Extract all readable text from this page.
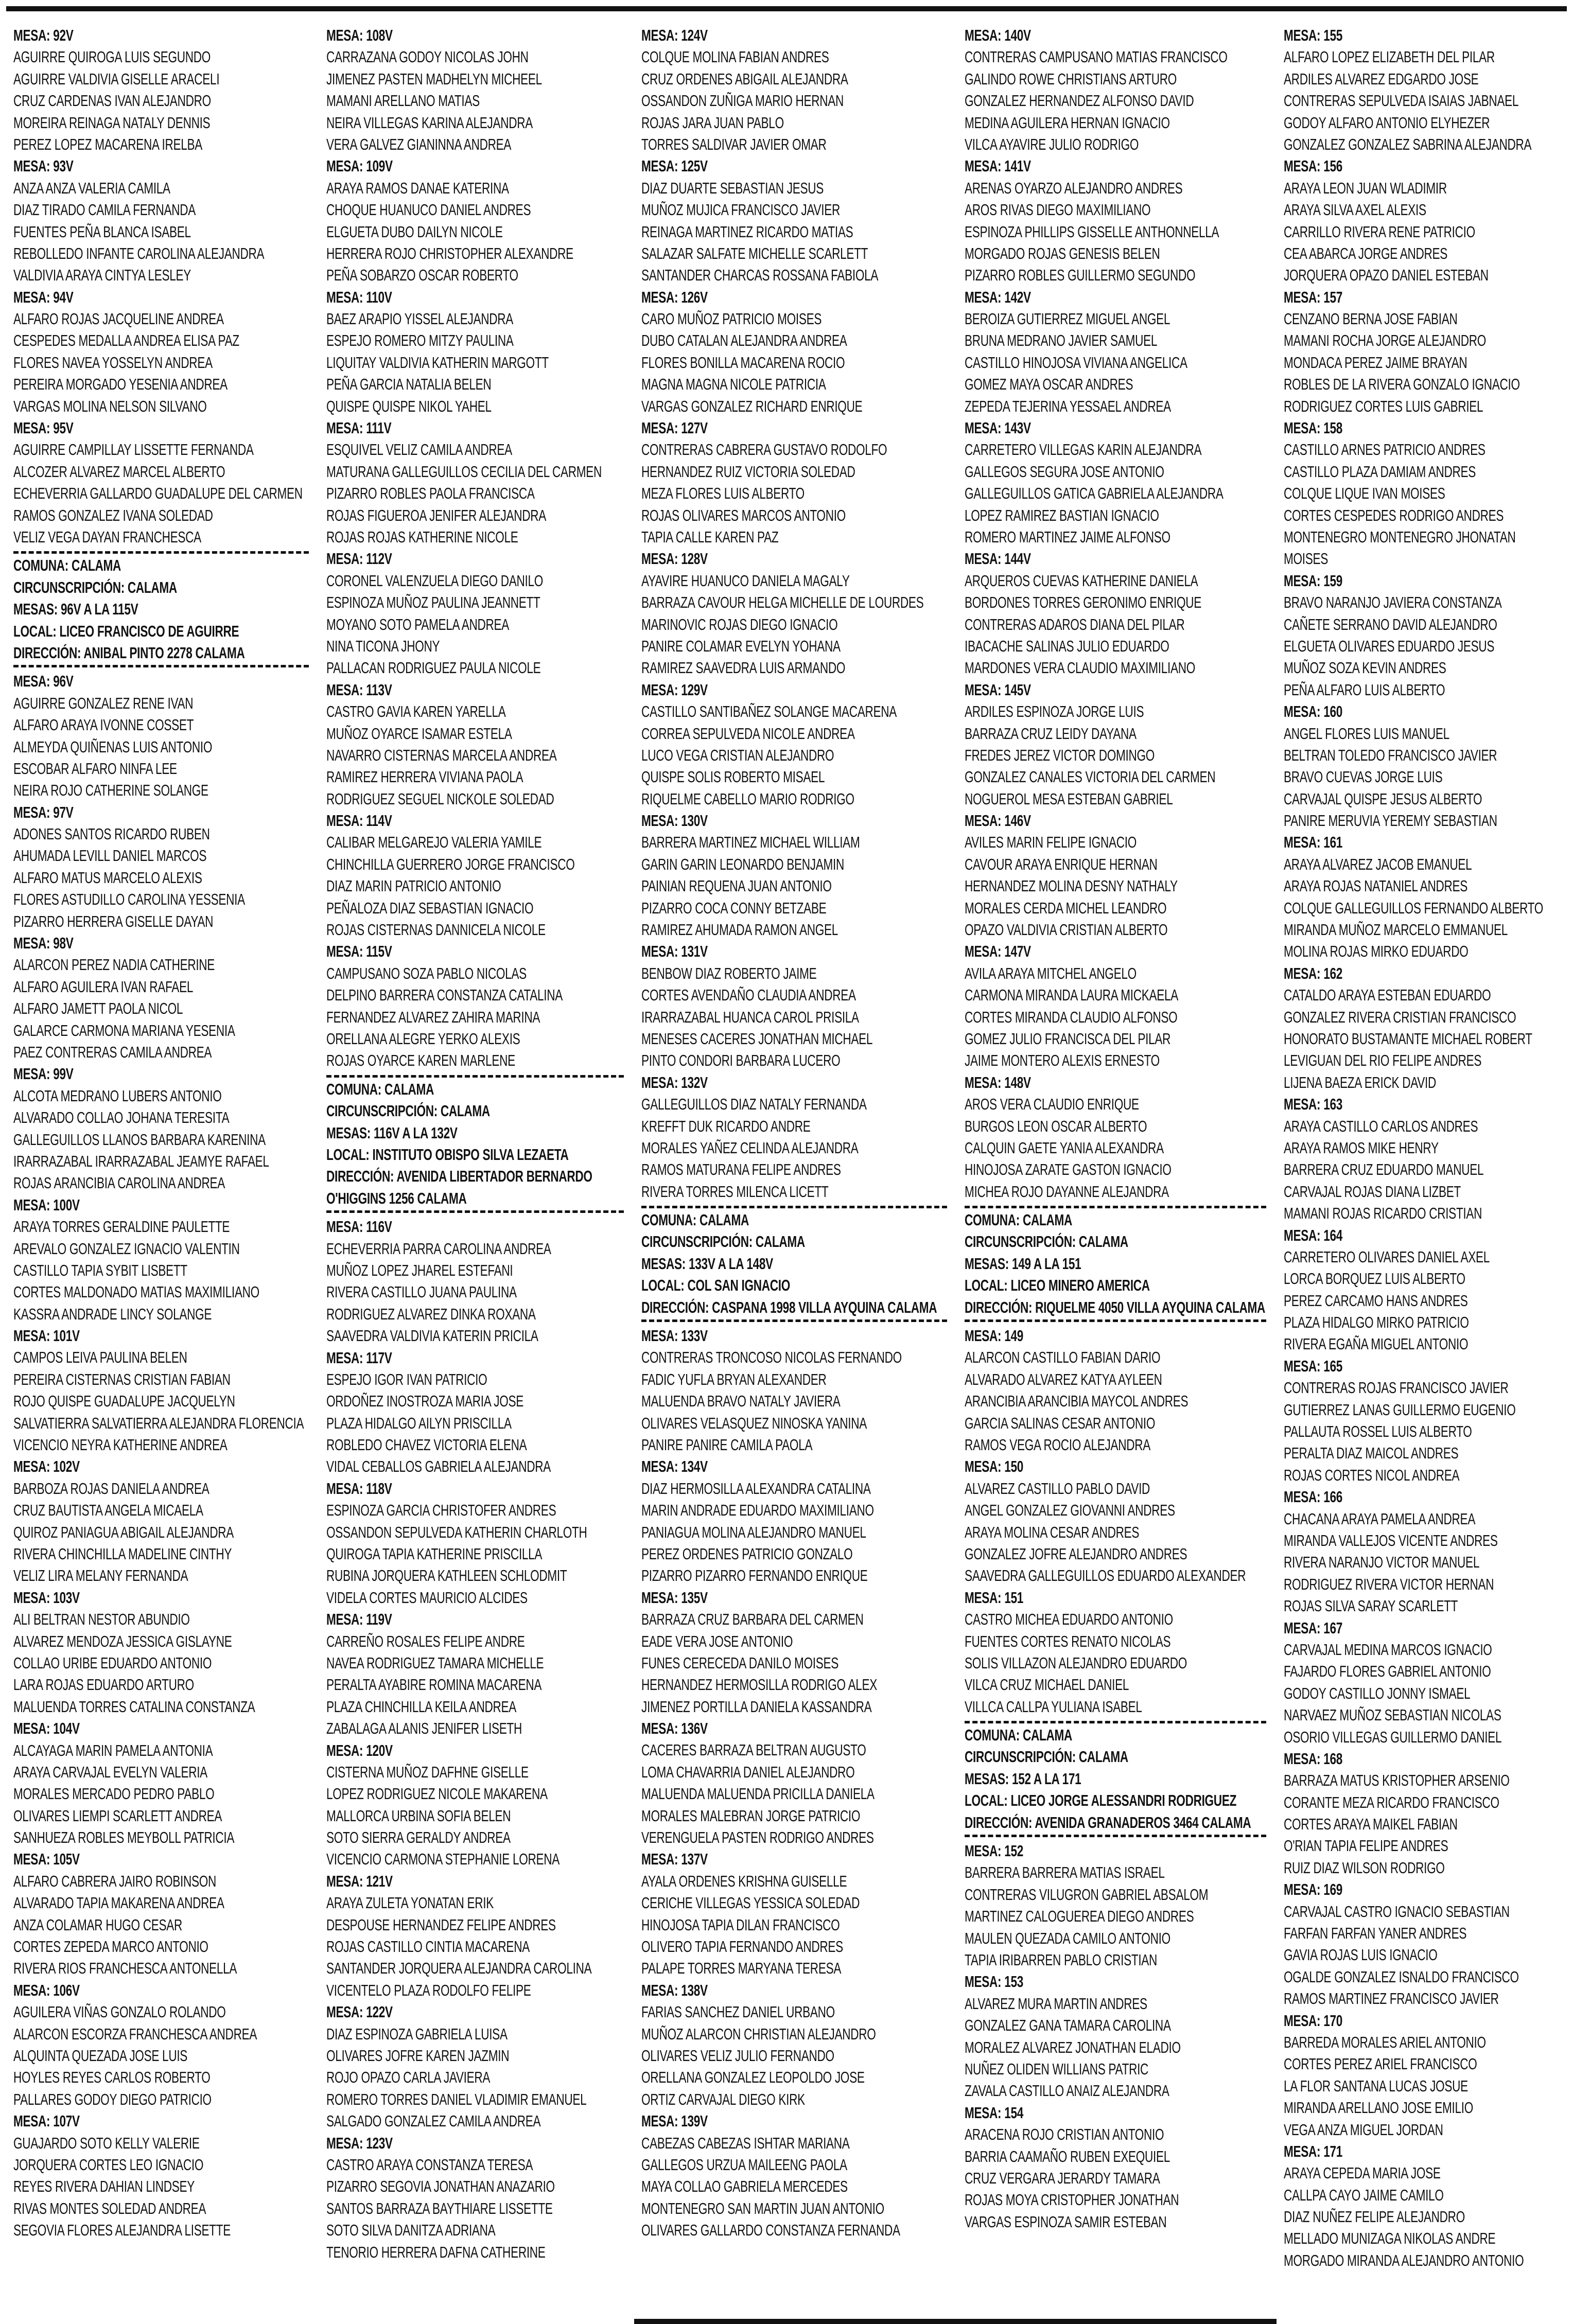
MESA: 92V
AGUIRRE QUIROGA LUIS SEGUNDO
AGUIRRE VALDIVIA GISELLE ARACELI
CRUZ CARDENAS IVAN ALEJANDRO
MOREIRA REINAGA NATALY DENNIS
PEREZ LOPEZ MACARENA IRELBA
MESA: 93V
ANZA ANZA VALERIA CAMILA
DIAZ TIRADO CAMILA FERNANDA
FUENTES PEÑA BLANCA ISABEL
REBOLLEDO INFANTE CAROLINA ALEJANDRA
VALDIVIA ARAYA CINTYA LESLEY
MESA: 94V
ALFARO ROJAS JACQUELINE ANDREA
CESPEDES MEDALLA ANDREA ELISA PAZ
FLORES NAVEA YOSSELYN ANDREA
PEREIRA MORGADO YESENIA ANDREA
VARGAS MOLINA NELSON SILVANO
MESA: 95V
AGUIRRE CAMPILLAY LISSETTE FERNANDA
ALCOZER ALVAREZ MARCEL ALBERTO
ECHEVERRIA GALLARDO GUADALUPE DEL CARMEN
RAMOS GONZALEZ IVANA SOLEDAD
VELIZ VEGA DAYAN FRANCHESCA
COMUNA: CALAMA
CIRCUNSCRIPCIÓN: CALAMA
MESAS: 96V A LA 115V
LOCAL: LICEO FRANCISCO DE AGUIRRE
DIRECCIÓN: ANIBAL PINTO 2278 CALAMA
MESA: 96V
AGUIRRE GONZALEZ RENE IVAN
ALFARO ARAYA IVONNE COSSET
ALMEYDA QUIÑENAS LUIS ANTONIO
ESCOBAR ALFARO NINFA LEE
NEIRA ROJO CATHERINE SOLANGE
MESA: 97V
ADONES SANTOS RICARDO RUBEN
AHUMADA LEVILL DANIEL MARCOS
ALFARO MATUS MARCELO ALEXIS
FLORES ASTUDILLO CAROLINA YESSENIA
PIZARRO HERRERA GISELLE DAYAN
MESA: 98V
ALARCON PEREZ NADIA CATHERINE
ALFARO AGUILERA IVAN RAFAEL
ALFARO JAMETT PAOLA NICOL
GALARCE CARMONA MARIANA YESENIA
PAEZ CONTRERAS CAMILA ANDREA
MESA: 99V
ALCOTA MEDRANO LUBERS ANTONIO
ALVARADO COLLAO JOHANA TERESITA
GALLEGUILLOS LLANOS BARBARA KARENINA
IRARRAZABAL IRARRAZABAL JEAMYE RAFAEL
ROJAS ARANCIBIA CAROLINA ANDREA
MESA: 100V
ARAYA TORRES GERALDINE PAULETTE
AREVALO GONZALEZ IGNACIO VALENTIN
CASTILLO TAPIA SYBIT LISBETT
CORTES MALDONADO MATIAS MAXIMILIANO
KASSRA ANDRADE LINCY SOLANGE
MESA: 101V
CAMPOS LEIVA PAULINA BELEN
PEREIRA CISTERNAS CRISTIAN FABIAN
ROJO QUISPE GUADALUPE JACQUELYN
SALVATIERRA SALVATIERRA ALEJANDRA FLORENCIA
VICENCIO NEYRA KATHERINE ANDREA
MESA: 102V
BARBOZA ROJAS DANIELA ANDREA
CRUZ BAUTISTA ANGELA MICAELA
QUIROZ PANIAGUA ABIGAIL ALEJANDRA
RIVERA CHINCHILLA MADELINE CINTHY
VELIZ LIRA MELANY FERNANDA
MESA: 103V
ALI BELTRAN NESTOR ABUNDIO
ALVAREZ MENDOZA JESSICA GISLAYNE
COLLAO URIBE EDUARDO ANTONIO
LARA ROJAS EDUARDO ARTURO
MALUENDA TORRES CATALINA CONSTANZA
MESA: 104V
ALCAYAGA MARIN PAMELA ANTONIA
ARAYA CARVAJAL EVELYN VALERIA
MORALES MERCADO PEDRO PABLO
OLIVARES LIEMPI SCARLETT ANDREA
SANHUEZA ROBLES MEYBOLL PATRICIA
MESA: 105V
ALFARO CABRERA JAIRO ROBINSON
ALVARADO TAPIA MAKARENA ANDREA
ANZA COLAMAR HUGO CESAR
CORTES ZEPEDA MARCO ANTONIO
RIVERA RIOS FRANCHESCA ANTONELLA
MESA: 106V
AGUILERA VIÑAS GONZALO ROLANDO
ALARCON ESCORZA FRANCHESCA ANDREA
ALQUINTA QUEZADA JOSE LUIS
HOYLES REYES CARLOS ROBERTO
PALLARES GODOY DIEGO PATRICIO
MESA: 107V
GUAJARDO SOTO KELLY VALERIE
JORQUERA CORTES LEO IGNACIO
REYES RIVERA DAHIAN LINDSEY
RIVAS MONTES SOLEDAD ANDREA
SEGOVIA FLORES ALEJANDRA LISETTE
MESA: 108V
CARRAZANA GODOY NICOLAS JOHN
JIMENEZ PASTEN MADHELYN MICHEEL
MAMANI ARELLANO MATIAS
NEIRA VILLEGAS KARINA ALEJANDRA
VERA GALVEZ GIANINNA ANDREA
MESA: 109V
ARAYA RAMOS DANAE KATERINA
CHOQUE HUANUCO DANIEL ANDRES
ELGUETA DUBO DAILYN NICOLE
HERRERA ROJO CHRISTOPHER ALEXANDRE
PEÑA SOBARZO OSCAR ROBERTO
MESA: 110V
BAEZ ARAPIO YISSEL ALEJANDRA
ESPEJO ROMERO MITZY PAULINA
LIQUITAY VALDIVIA KATHERIN MARGOTT
PEÑA GARCIA NATALIA BELEN
QUISPE QUISPE NIKOL YAHEL
MESA: 111V
ESQUIVEL VELIZ CAMILA ANDREA
MATURANA GALLEGUILLOS CECILIA DEL CARMEN
PIZARRO ROBLES PAOLA FRANCISCA
ROJAS FIGUEROA JENIFER ALEJANDRA
ROJAS ROJAS KATHERINE NICOLE
MESA: 112V
CORONEL VALENZUELA DIEGO DANILO
ESPINOZA MUÑOZ PAULINA JEANNETT
MOYANO SOTO PAMELA ANDREA
NINA TICONA JHONY
PALLACAN RODRIGUEZ PAULA NICOLE
MESA: 113V
CASTRO GAVIA KAREN YARELLA
MUÑOZ OYARCE ISAMAR ESTELA
NAVARRO CISTERNAS MARCELA ANDREA
RAMIREZ HERRERA VIVIANA PAOLA
RODRIGUEZ SEGUEL NICKOLE SOLEDAD
MESA: 114V
CALIBAR MELGAREJO VALERIA YAMILE
CHINCHILLA GUERRERO JORGE FRANCISCO
DIAZ MARIN PATRICIO ANTONIO
PEÑALOZA DIAZ SEBASTIAN IGNACIO
ROJAS CISTERNAS DANNICELA NICOLE
MESA: 115V
CAMPUSANO SOZA PABLO NICOLAS
DELPINO BARRERA CONSTANZA CATALINA
FERNANDEZ ALVAREZ ZAHIRA MARINA
ORELLANA ALEGRE YERKO ALEXIS
ROJAS OYARCE KAREN MARLENE
COMUNA: CALAMA
CIRCUNSCRIPCIÓN: CALAMA
MESAS: 116V A LA 132V
LOCAL: INSTITUTO OBISPO SILVA LEZAETA
DIRECCIÓN: AVENIDA LIBERTADOR BERNARDO O'HIGGINS 1256 CALAMA
MESA: 116V
ECHEVERRIA PARRA CAROLINA ANDREA
MUÑOZ LOPEZ JHAREL ESTEFANI
RIVERA CASTILLO JUANA PAULINA
RODRIGUEZ ALVAREZ DINKA ROXANA
SAAVEDRA VALDIVIA KATERIN PRICILA
MESA: 117V
ESPEJO IGOR IVAN PATRICIO
ORDOÑEZ INOSTROZA MARIA JOSE
PLAZA HIDALGO AILYN PRISCILLA
ROBLEDO CHAVEZ VICTORIA ELENA
VIDAL CEBALLOS GABRIELA ALEJANDRA
MESA: 118V
ESPINOZA GARCIA CHRISTOFER ANDRES
OSSANDON SEPULVEDA KATHERIN CHARLOTH
QUIROGA TAPIA KATHERINE PRISCILLA
RUBINA JORQUERA KATHLEEN SCHLODMIT
VIDELA CORTES MAURICIO ALCIDES
MESA: 119V
CARREÑO ROSALES FELIPE ANDRE
NAVEA RODRIGUEZ TAMARA MICHELLE
PERALTA AYABIRE ROMINA MACARENA
PLAZA CHINCHILLA KEILA ANDREA
ZABALAGA ALANIS JENIFER LISETH
MESA: 120V
CISTERNA MUÑOZ DAFHNE GISELLE
LOPEZ RODRIGUEZ NICOLE MAKARENA
MALLORCA URBINA SOFIA BELEN
SOTO SIERRA GERALDY ANDREA
VICENCIO CARMONA STEPHANIE LORENA
MESA: 121V
ARAYA ZULETA YONATAN ERIK
DESPOUSE HERNANDEZ FELIPE ANDRES
ROJAS CASTILLO CINTIA MACARENA
SANTANDER JORQUERA ALEJANDRA CAROLINA
VICENTELO PLAZA RODOLFO FELIPE
MESA: 122V
DIAZ ESPINOZA GABRIELA LUISA
OLIVARES JOFRE KAREN JAZMIN
ROJO OPAZO CARLA JAVIERA
ROMERO TORRES DANIEL VLADIMIR EMANUEL
SALGADO GONZALEZ CAMILA ANDREA
MESA: 123V
CASTRO ARAYA CONSTANZA TERESA
PIZARRO SEGOVIA JONATHAN ANAZARIO
SANTOS BARRAZA BAYTHIARE LISSETTE
SOTO SILVA DANITZA ADRIANA
TENORIO HERRERA DAFNA CATHERINE
MESA: 124V
COLQUE MOLINA FABIAN ANDRES
CRUZ ORDENES ABIGAIL ALEJANDRA
OSSANDON ZUÑIGA MARIO HERNAN
ROJAS JARA JUAN PABLO
TORRES SALDIVAR JAVIER OMAR
MESA: 125V
DIAZ DUARTE SEBASTIAN JESUS
MUÑOZ MUJICA FRANCISCO JAVIER
REINAGA MARTINEZ RICARDO MATIAS
SALAZAR SALFATE MICHELLE SCARLETT
SANTANDER CHARCAS ROSSANA FABIOLA
MESA: 126V
CARO MUÑOZ PATRICIO MOISES
DUBO CATALAN ALEJANDRA ANDREA
FLORES BONILLA MACARENA ROCIO
MAGNA MAGNA NICOLE PATRICIA
VARGAS GONZALEZ RICHARD ENRIQUE
MESA: 127V
CONTRERAS CABRERA GUSTAVO RODOLFO
HERNANDEZ RUIZ VICTORIA SOLEDAD
MEZA FLORES LUIS ALBERTO
ROJAS OLIVARES MARCOS ANTONIO
TAPIA CALLE KAREN PAZ
MESA: 128V
AYAVIRE HUANUCO DANIELA MAGALY
BARRAZA CAVOUR HELGA MICHELLE DE LOURDES
MARINOVIC ROJAS DIEGO IGNACIO
PANIRE COLAMAR EVELYN YOHANA
RAMIREZ SAAVEDRA LUIS ARMANDO
MESA: 129V
CASTILLO SANTIBAÑEZ SOLANGE MACARENA
CORREA SEPULVEDA NICOLE ANDREA
LUCO VEGA CRISTIAN ALEJANDRO
QUISPE SOLIS ROBERTO MISAEL
RIQUELME CABELLO MARIO RODRIGO
MESA: 130V
BARRERA MARTINEZ MICHAEL WILLIAM
GARIN GARIN LEONARDO BENJAMIN
PAINIAN REQUENA JUAN ANTONIO
PIZARRO COCA CONNY BETZABE
RAMIREZ AHUMADA RAMON ANGEL
MESA: 131V
BENBOW DIAZ ROBERTO JAIME
CORTES AVENDAÑO CLAUDIA ANDREA
IRARRAZABAL HUANCA CAROL PRISILA
MENESES CACERES JONATHAN MICHAEL
PINTO CONDORI BARBARA LUCERO
MESA: 132V
GALLEGUILLOS DIAZ NATALY FERNANDA
KREFFT DUK RICARDO ANDRE
MORALES YAÑEZ CELINDA ALEJANDRA
RAMOS MATURANA FELIPE ANDRES
RIVERA TORRES MILENCA LICETT
COMUNA: CALAMA
CIRCUNSCRIPCIÓN: CALAMA
MESAS: 133V A LA 148V
LOCAL: COL SAN IGNACIO
DIRECCIÓN: CASPANA 1998 VILLA AYQUINA CALAMA
MESA: 133V
CONTRERAS TRONCOSO NICOLAS FERNANDO
FADIC YUFLA BRYAN ALEXANDER
MALUENDA BRAVO NATALY JAVIERA
OLIVARES VELASQUEZ NINOSKA YANINA
PANIRE PANIRE CAMILA PAOLA
MESA: 134V
DIAZ HERMOSILLA ALEXANDRA CATALINA
MARIN ANDRADE EDUARDO MAXIMILIANO
PANIAGUA MOLINA ALEJANDRO MANUEL
PEREZ ORDENES PATRICIO GONZALO
PIZARRO PIZARRO FERNANDO ENRIQUE
MESA: 135V
BARRAZA CRUZ BARBARA DEL CARMEN
EADE VERA JOSE ANTONIO
FUNES CERECEDA DANILO MOISES
HERNANDEZ HERMOSILLA RODRIGO ALEX
JIMENEZ PORTILLA DANIELA KASSANDRA
MESA: 136V
CACERES BARRAZA BELTRAN AUGUSTO
LOMA CHAVARRIA DANIEL ALEJANDRO
MALUENDA MALUENDA PRICILLA DANIELA
MORALES MALEBRAN JORGE PATRICIO
VERENGUELA PASTEN RODRIGO ANDRES
MESA: 137V
AYALA ORDENES KRISHNA GUISELLE
CERICHE VILLEGAS YESSICA SOLEDAD
HINOJOSA TAPIA DILAN FRANCISCO
OLIVERO TAPIA FERNANDO ANDRES
PALAPE TORRES MARYANA TERESA
MESA: 138V
FARIAS SANCHEZ DANIEL URBANO
MUÑOZ ALARCON CHRISTIAN ALEJANDRO
OLIVARES VELIZ JULIO FERNANDO
ORELLANA GONZALEZ LEOPOLDO JOSE
ORTIZ CARVAJAL DIEGO KIRK
MESA: 139V
CABEZAS CABEZAS ISHTAR MARIANA
GALLEGOS URZUA MAILEENG PAOLA
MAYA COLLAO GABRIELA MERCEDES
MONTENEGRO SAN MARTIN JUAN ANTONIO
OLIVARES GALLARDO CONSTANZA FERNANDA
MESA: 140V
CONTRERAS CAMPUSANO MATIAS FRANCISCO
GALINDO ROWE CHRISTIANS ARTURO
GONZALEZ HERNANDEZ ALFONSO DAVID
MEDINA AGUILERA HERNAN IGNACIO
VILCA AYAVIRE JULIO RODRIGO
MESA: 141V
ARENAS OYARZO ALEJANDRO ANDRES
AROS RIVAS DIEGO MAXIMILIANO
ESPINOZA PHILLIPS GISSELLE ANTHONNELLA
MORGADO ROJAS GENESIS BELEN
PIZARRO ROBLES GUILLERMO SEGUNDO
MESA: 142V
BEROIZA GUTIERREZ MIGUEL ANGEL
BRUNA MEDRANO JAVIER SAMUEL
CASTILLO HINOJOSA VIVIANA ANGELICA
GOMEZ MAYA OSCAR ANDRES
ZEPEDA TEJERINA YESSAEL ANDREA
MESA: 143V
CARRETERO VILLEGAS KARIN ALEJANDRA
GALLEGOS SEGURA JOSE ANTONIO
GALLEGUILLOS GATICA GABRIELA ALEJANDRA
LOPEZ RAMIREZ BASTIAN IGNACIO
ROMERO MARTINEZ JAIME ALFONSO
MESA: 144V
ARQUEROS CUEVAS KATHERINE DANIELA
BORDONES TORRES GERONIMO ENRIQUE
CONTRERAS ADAROS DIANA DEL PILAR
IBACACHE SALINAS JULIO EDUARDO
MARDONES VERA CLAUDIO MAXIMILIANO
MESA: 145V
ARDILES ESPINOZA JORGE LUIS
BARRAZA CRUZ LEIDY DAYANA
FREDES JEREZ VICTOR DOMINGO
GONZALEZ CANALES VICTORIA DEL CARMEN
NOGUEROL MESA ESTEBAN GABRIEL
MESA: 146V
AVILES MARIN FELIPE IGNACIO
CAVOUR ARAYA ENRIQUE HERNAN
HERNANDEZ MOLINA DESNY NATHALY
MORALES CERDA MICHEL LEANDRO
OPAZO VALDIVIA CRISTIAN ALBERTO
MESA: 147V
AVILA ARAYA MITCHEL ANGELO
CARMONA MIRANDA LAURA MICKAELA
CORTES MIRANDA CLAUDIO ALFONSO
GOMEZ JULIO FRANCISCA DEL PILAR
JAIME MONTERO ALEXIS ERNESTO
MESA: 148V
AROS VERA CLAUDIO ENRIQUE
BURGOS LEON OSCAR ALBERTO
CALQUIN GAETE YANIA ALEXANDRA
HINOJOSA ZARATE GASTON IGNACIO
MICHEA ROJO DAYANNE ALEJANDRA
COMUNA: CALAMA
CIRCUNSCRIPCIÓN: CALAMA
MESAS: 149 A LA 151
LOCAL: LICEO MINERO AMERICA
DIRECCIÓN: RIQUELME 4050 VILLA AYQUINA CALAMA
MESA: 149
ALARCON CASTILLO FABIAN DARIO
ALVARADO ALVAREZ KATYA AYLEEN
ARANCIBIA ARANCIBIA MAYCOL ANDRES
GARCIA SALINAS CESAR ANTONIO
RAMOS VEGA ROCIO ALEJANDRA
MESA: 150
ALVAREZ CASTILLO PABLO DAVID
ANGEL GONZALEZ GIOVANNI ANDRES
ARAYA MOLINA CESAR ANDRES
GONZALEZ JOFRE ALEJANDRO ANDRES
SAAVEDRA GALLEGUILLOS EDUARDO ALEXANDER
MESA: 151
CASTRO MICHEA EDUARDO ANTONIO
FUENTES CORTES RENATO NICOLAS
SOLIS VILLAZON ALEJANDRO EDUARDO
VILCA CRUZ MICHAEL DANIEL
VILLCA CALLPA YULIANA ISABEL
COMUNA: CALAMA
CIRCUNSCRIPCIÓN: CALAMA
MESAS: 152 A LA 171
LOCAL: LICEO JORGE ALESSANDRI RODRIGUEZ
DIRECCIÓN: AVENIDA GRANADEROS 3464 CALAMA
MESA: 152
BARRERA BARRERA MATIAS ISRAEL
CONTRERAS VILUGRON GABRIEL ABSALOM
MARTINEZ CALOGUEREA DIEGO ANDRES
MAULEN QUEZADA CAMILO ANTONIO
TAPIA IRIBARREN PABLO CRISTIAN
MESA: 153
ALVAREZ MURA MARTIN ANDRES
GONZALEZ GANA TAMARA CAROLINA
MORALEZ ALVAREZ JONATHAN ELADIO
NUÑEZ OLIDEN WILLIANS PATRIC
ZAVALA CASTILLO ANAIZ ALEJANDRA
MESA: 154
ARACENA ROJO CRISTIAN ANTONIO
BARRIA CAAMAÑO RUBEN EXEQUIEL
CRUZ VERGARA JERARDY TAMARA
ROJAS MOYA CRISTOPHER JONATHAN
VARGAS ESPINOZA SAMIR ESTEBAN
MESA: 155
ALFARO LOPEZ ELIZABETH DEL PILAR
ARDILES ALVAREZ EDGARDO JOSE
CONTRERAS SEPULVEDA ISAIAS JABNAEL
GODOY ALFARO ANTONIO ELYHEZER
GONZALEZ GONZALEZ SABRINA ALEJANDRA
MESA: 156
ARAYA LEON JUAN WLADIMIR
ARAYA SILVA AXEL ALEXIS
CARRILLO RIVERA RENE PATRICIO
CEA ABARCA JORGE ANDRES
JORQUERA OPAZO DANIEL ESTEBAN
MESA: 157
CENZANO BERNA JOSE FABIAN
MAMANI ROCHA JORGE ALEJANDRO
MONDACA PEREZ JAIME BRAYAN
ROBLES DE LA RIVERA GONZALO IGNACIO
RODRIGUEZ CORTES LUIS GABRIEL
MESA: 158
CASTILLO ARNES PATRICIO ANDRES
CASTILLO PLAZA DAMIAM ANDRES
COLQUE LIQUE IVAN MOISES
CORTES CESPEDES RODRIGO ANDRES
MONTENEGRO MONTENEGRO JHONATAN MOISES
MESA: 159
BRAVO NARANJO JAVIERA CONSTANZA
CAÑETE SERRANO DAVID ALEJANDRO
ELGUETA OLIVARES EDUARDO JESUS
MUÑOZ SOZA KEVIN ANDRES
PEÑA ALFARO LUIS ALBERTO
MESA: 160
ANGEL FLORES LUIS MANUEL
BELTRAN TOLEDO FRANCISCO JAVIER
BRAVO CUEVAS JORGE LUIS
CARVAJAL QUISPE JESUS ALBERTO
PANIRE MERUVIA YEREMY SEBASTIAN
MESA: 161
ARAYA ALVAREZ JACOB EMANUEL
ARAYA ROJAS NATANIEL ANDRES
COLQUE GALLEGUILLOS FERNANDO ALBERTO
MIRANDA MUÑOZ MARCELO EMMANUEL
MOLINA ROJAS MIRKO EDUARDO
MESA: 162
CATALDO ARAYA ESTEBAN EDUARDO
GONZALEZ RIVERA CRISTIAN FRANCISCO
HONORATO BUSTAMANTE MICHAEL ROBERT
LEVIGUAN DEL RIO FELIPE ANDRES
LIJENA BAEZA ERICK DAVID
MESA: 163
ARAYA CASTILLO CARLOS ANDRES
ARAYA RAMOS MIKE HENRY
BARRERA CRUZ EDUARDO MANUEL
CARVAJAL ROJAS DIANA LIZBET
MAMANI ROJAS RICARDO CRISTIAN
MESA: 164
CARRETERO OLIVARES DANIEL AXEL
LORCA BORQUEZ LUIS ALBERTO
PEREZ CARCAMO HANS ANDRES
PLAZA HIDALGO MIRKO PATRICIO
RIVERA EGAÑA MIGUEL ANTONIO
MESA: 165
CONTRERAS ROJAS FRANCISCO JAVIER
GUTIERREZ LANAS GUILLERMO EUGENIO
PALLAUTA ROSSEL LUIS ALBERTO
PERALTA DIAZ MAICOL ANDRES
ROJAS CORTES NICOL ANDREA
MESA: 166
CHACANA ARAYA PAMELA ANDREA
MIRANDA VALLEJOS VICENTE ANDRES
RIVERA NARANJO VICTOR MANUEL
RODRIGUEZ RIVERA VICTOR HERNAN
ROJAS SILVA SARAY SCARLETT
MESA: 167
CARVAJAL MEDINA MARCOS IGNACIO
FAJARDO FLORES GABRIEL ANTONIO
GODOY CASTILLO JONNY ISMAEL
NARVAEZ MUÑOZ SEBASTIAN NICOLAS
OSORIO VILLEGAS GUILLERMO DANIEL
MESA: 168
BARRAZA MATUS KRISTOPHER ARSENIO
CORANTE MEZA RICARDO FRANCISCO
CORTES ARAYA MAIKEL FABIAN
O'RIAN TAPIA FELIPE ANDRES
RUIZ DIAZ WILSON RODRIGO
MESA: 169
CARVAJAL CASTRO IGNACIO SEBASTIAN
FARFAN FARFAN YANER ANDRES
GAVIA ROJAS LUIS IGNACIO
OGALDE GONZALEZ ISNALDO FRANCISCO
RAMOS MARTINEZ FRANCISCO JAVIER
MESA: 170
BARREDA MORALES ARIEL ANTONIO
CORTES PEREZ ARIEL FRANCISCO
LA FLOR SANTANA LUCAS JOSUE
MIRANDA ARELLANO JOSE EMILIO
VEGA ANZA MIGUEL JORDAN
MESA: 171
ARAYA CEPEDA MARIA JOSE
CALLPA CAYO JAIME CAMILO
DIAZ NUÑEZ FELIPE ALEJANDRO
MELLADO MUNIZAGA NIKOLAS ANDRE
MORGADO MIRANDA ALEJANDRO ANTONIO
